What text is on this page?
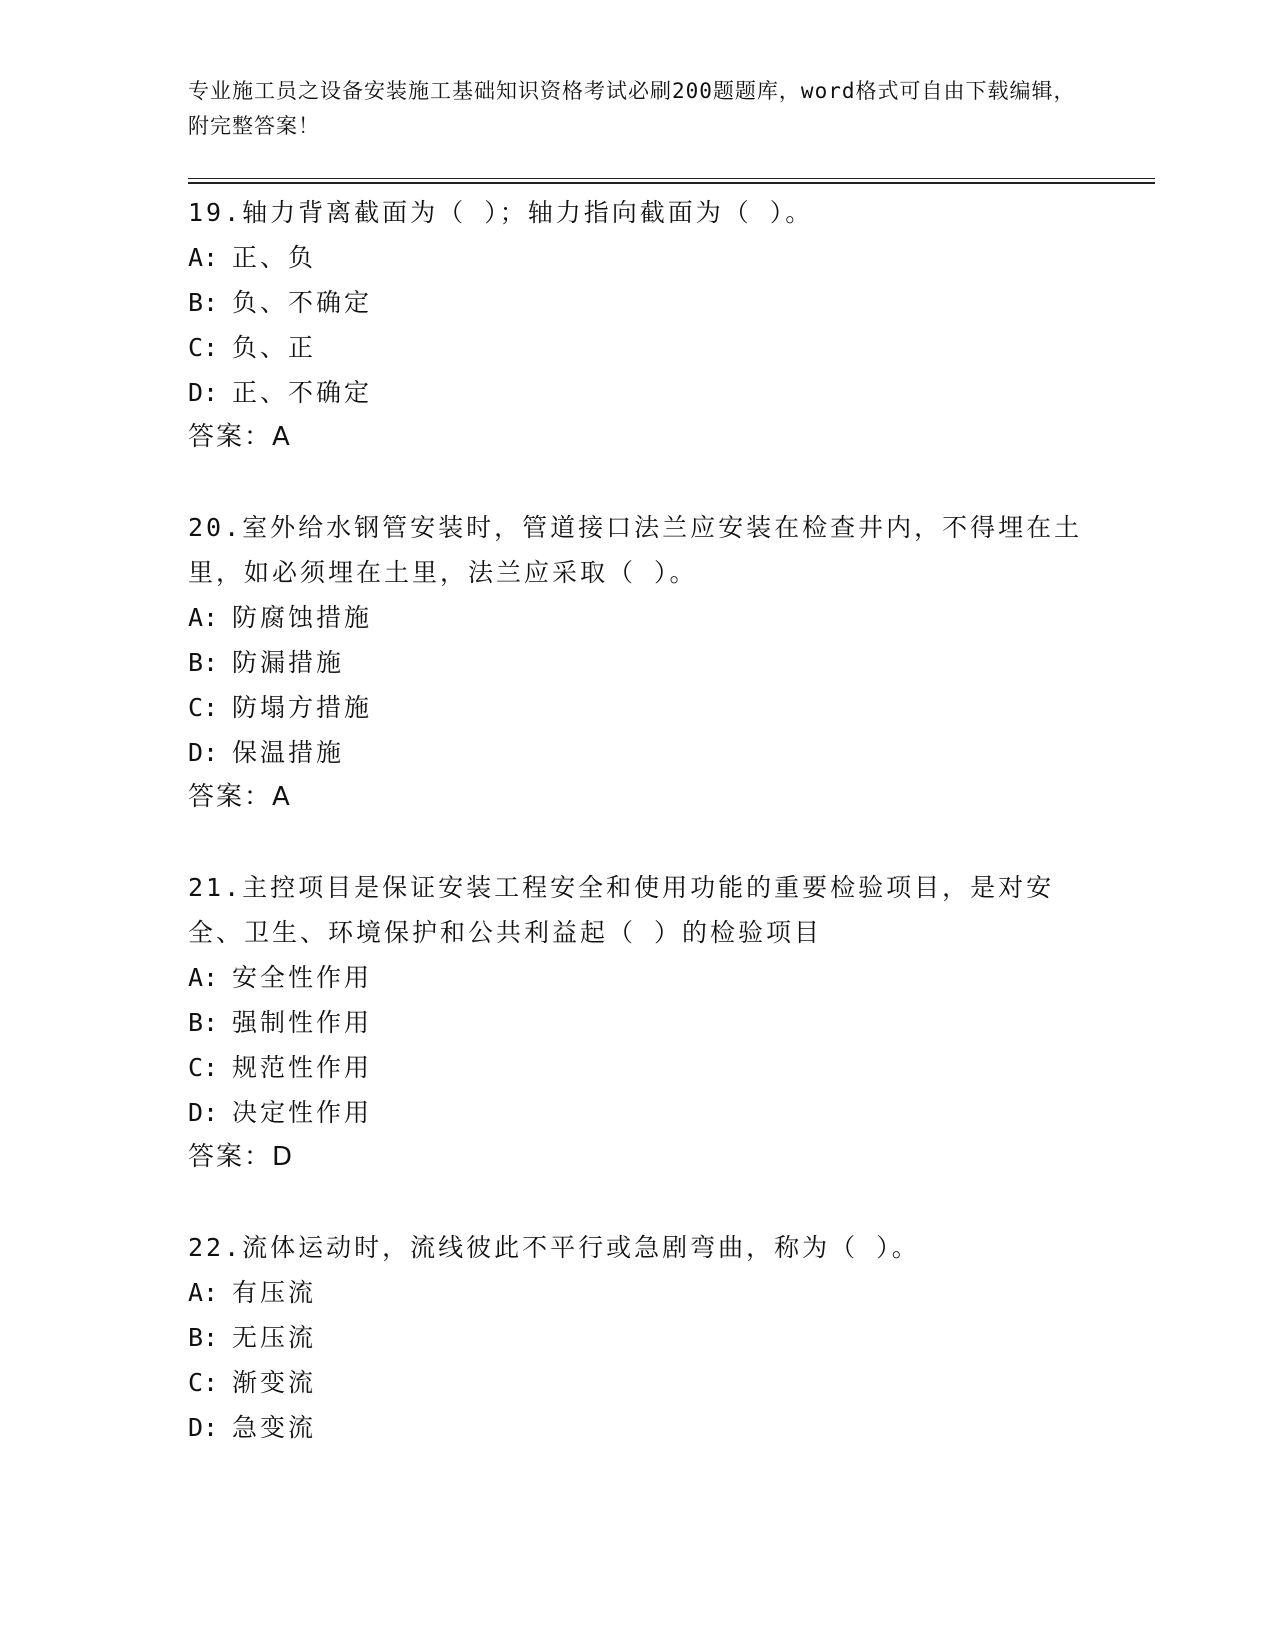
专业施工员之设备安装施工基础知识资格考试必刷200题题库，word格式可自由下载编辑，附完整答案！

19.轴力背离截面为（ ）；轴力指向截面为（ ）。

A: 正、负

B: 负、不确定

C: 负、正

D: 正、不确定

答案：A

20.室外给水钢管安装时，管道接口法兰应安装在检查井内，不得埋在土里，如必须埋在土里，法兰应采取（ ）。

A: 防腐蚀措施

B: 防漏措施

C: 防塌方措施

D: 保温措施

答案：A

21.主控项目是保证安装工程安全和使用功能的重要检验项目，是对安全、卫生、环境保护和公共利益起（ ）的检验项目

A: 安全性作用

B: 强制性作用

C: 规范性作用

D: 决定性作用

答案：D

22.流体运动时，流线彼此不平行或急剧弯曲，称为（ ）。

A: 有压流

B: 无压流

C: 渐变流

D: 急变流
